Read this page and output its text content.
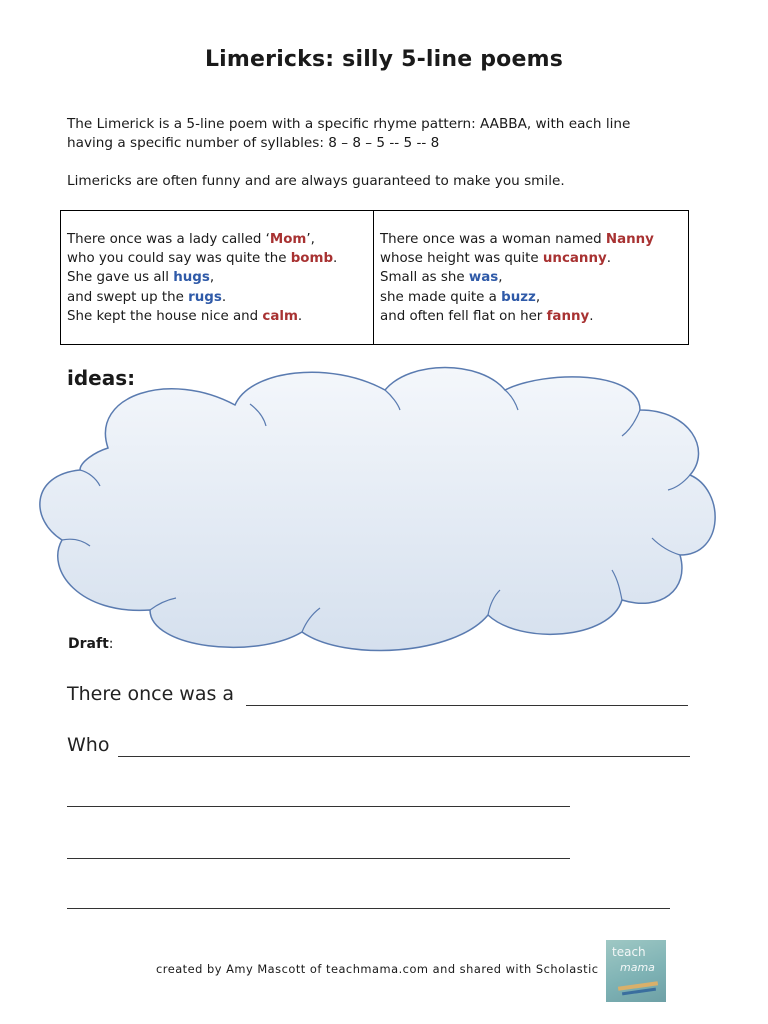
Limericks: silly 5-line poems
The Limerick is a 5-line poem with a specific rhyme pattern: AABBA, with each line
having a specific number of syllables: 8 – 8 – 5 -- 5 -- 8
Limericks are often funny and are always guaranteed to make you smile.
There once was a lady called ‘Mom’,
who you could say was quite the bomb.
She gave us all hugs,
and swept up the rugs.
She kept the house nice and calm.
There once was a woman named Nanny
whose height was quite uncanny.
Small as she was,
she made quite a buzz,
and often fell flat on her fanny.
ideas:
Draft:
There once was a
Who
created by Amy Mascott of teachmama.com and shared with Scholastic
teach
mama
